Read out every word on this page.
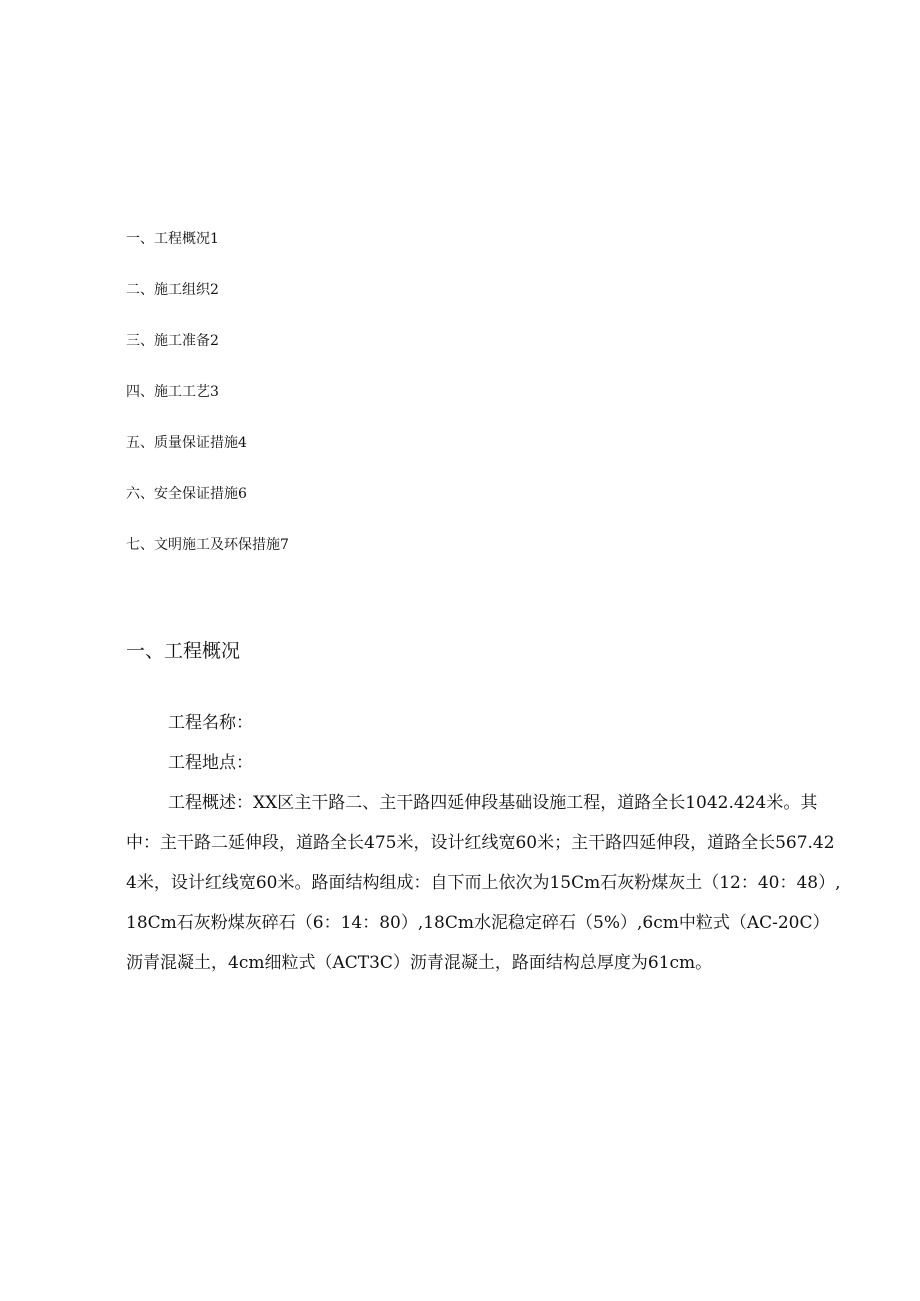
一、工程概况1
二、施工组织2
三、施工准备2
四、施工工艺3
五、质量保证措施4
六、安全保证措施6
七、文明施工及环保措施7
一、工程概况

工程名称：

工程地点：

工程概述：XX区主干路二、主干路四延伸段基础设施工程，道路全长1042.424米。其中：主干路二延伸段，道路全长475米，设计红线宽60米；主干路四延伸段，道路全长567.424米，设计红线宽60米。路面结构组成：自下而上依次为15Cm石灰粉煤灰土（12：40：48）,18Cm石灰粉煤灰碎石（6：14：80）,18Cm水泥稳定碎石（5%）,6cm中粒式（AC-20C）沥青混凝土，4cm细粒式（ACT3C）沥青混凝土，路面结构总厚度为61cm。
